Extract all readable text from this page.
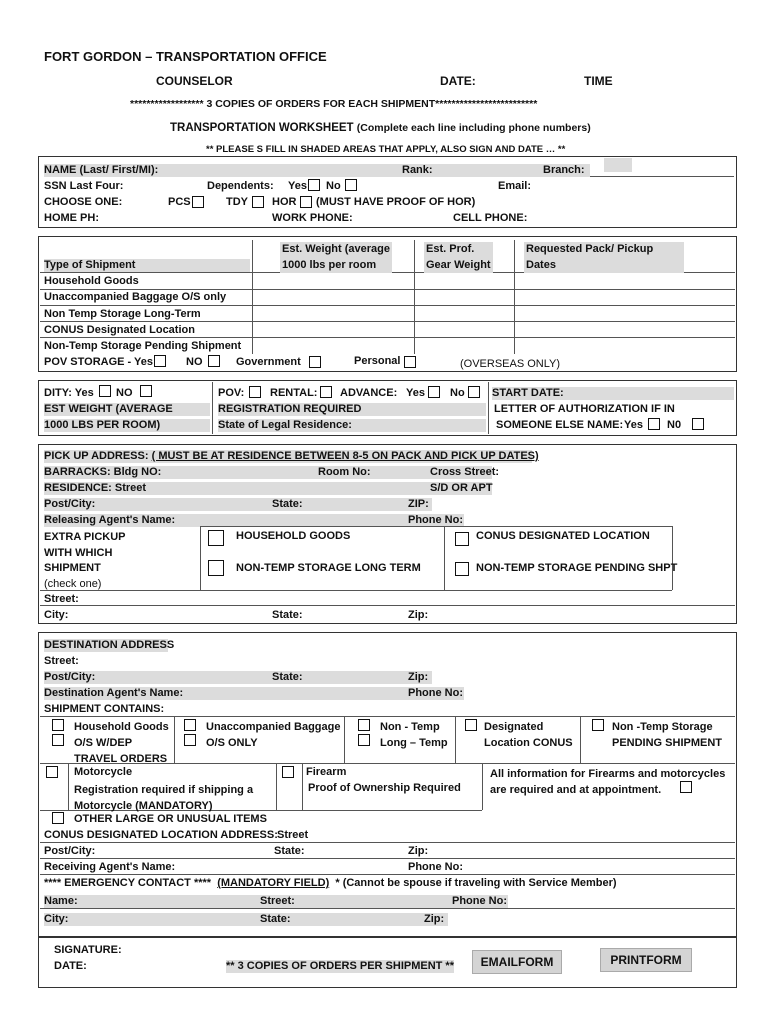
FORT GORDON – TRANSPORTATION OFFICE
COUNSELOR	DATE:	TIME
****************** 3 COPIES OF ORDERS FOR EACH SHIPMENT*************************
TRANSPORTATION WORKSHEET (Complete each line including phone numbers)
** PLEASE S FILL IN SHADED AREAS THAT APPLY, ALSO SIGN AND DATE … **
NAME (Last/ First/MI):	Rank:	Branch:
SSN Last Four:	Dependents: Yes No	Email:
CHOOSE ONE:	PCS	TDY HOR (MUST HAVE PROOF OF HOR)
HOME PH:	WORK PHONE:	CELL PHONE:
Est. Weight (average
1000 lbs per room
Est. Prof.
Gear Weight
Requested Pack/ Pickup
Dates
Type of Shipment
Household Goods
Unaccompanied Baggage O/S only
Non Temp Storage Long-Term
CONUS Designated Location
Non-Temp Storage Pending Shipment
POV STORAGE - Yes	NO	Government	Personal	(OVERSEAS ONLY)
DITY: Yes NO
EST WEIGHT (AVERAGE
1000 LBS PER ROOM)
POV: RENTAL: ADVANCE: Yes No
REGISTRATION REQUIRED
State of Legal Residence:
START DATE:
LETTER OF AUTHORIZATION IF IN
SOMEONE ELSE NAME: Yes N0
PICK UP ADDRESS: ( MUST BE AT RESIDENCE BETWEEN 8-5 ON PACK AND PICK UP DATES)
BARRACKS: Bldg NO:	Room No:	Cross Street:
RESIDENCE: Street	S/D OR APT
Post/City:	State:	ZIP:
Releasing Agent's Name:	Phone No:
EXTRA PICKUP
WITH WHICH
SHIPMENT
(check one)
HOUSEHOLD GOODS	CONUS DESIGNATED LOCATION
NON-TEMP STORAGE LONG TERM	NON-TEMP STORAGE PENDING SHPT
Street:
City:	State:	Zip:
DESTINATION ADDRESS
Street:
Post/City:	State:	Zip:
Destination Agent's Name:	Phone No:
SHIPMENT CONTAINS:
Household Goods
O/S W/DEP
TRAVEL ORDERS
Unaccompanied Baggage
O/S ONLY
Non - Temp
Long – Temp
Designated
Location CONUS
Non -Temp Storage
PENDING SHIPMENT
Motorcycle
Registration required if shipping a
Motorcycle (MANDATORY)
Firearm
Proof of Ownership Required
All information for Firearms and motorcycles
are required and at appointment.
OTHER LARGE OR UNUSUAL ITEMS
CONUS DESIGNATED LOCATION ADDRESS: Street
Post/City:	State:	Zip:
Receiving Agent's Name:	Phone No:
**** EMERGENCY CONTACT **** (MANDATORY FIELD) * (Cannot be spouse if traveling with Service Member)
Name:	Street:	Phone No:
City:	State:	Zip:
SIGNATURE:
DATE:	** 3 COPIES OF ORDERS PER SHIPMENT **	EMAILFORM	PRINTFORM
